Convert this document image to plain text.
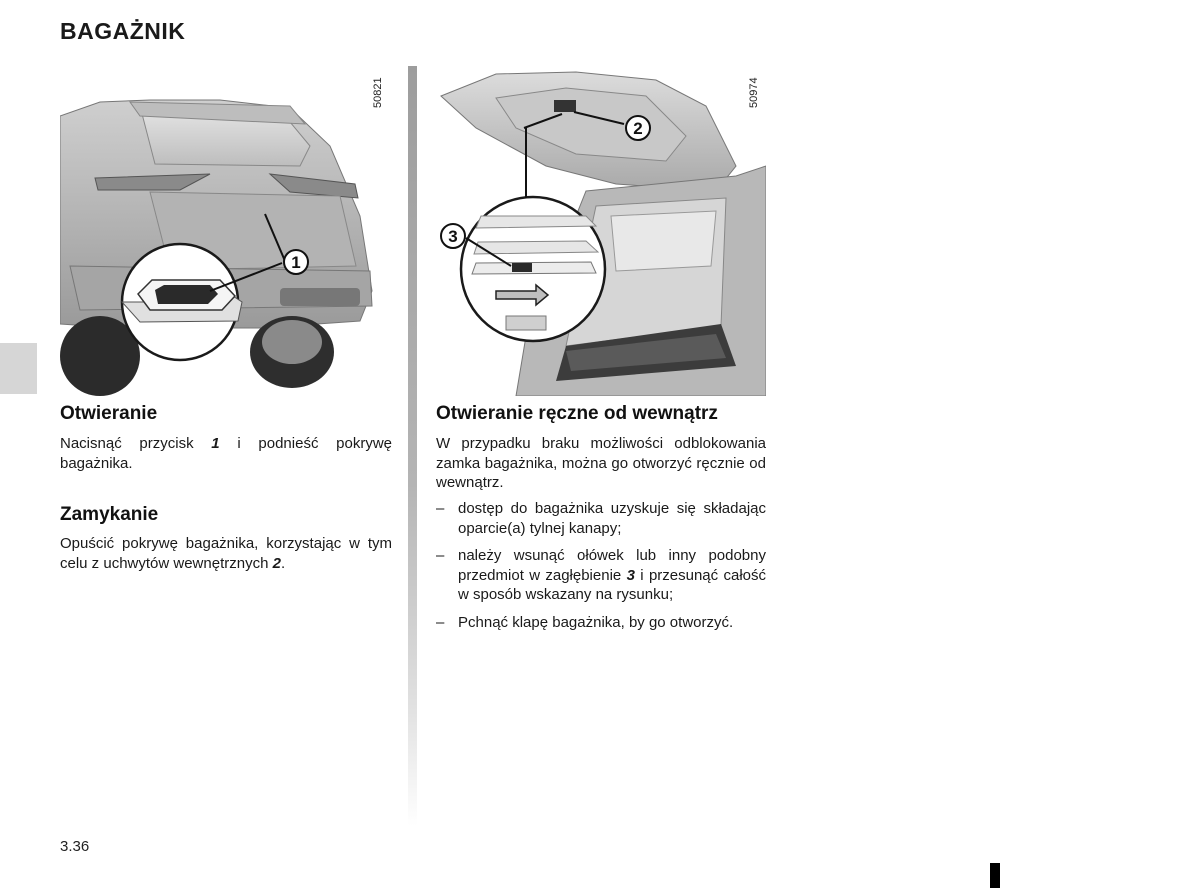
BAGAŻNIK
1
50821
2
3
50974
Otwieranie

Nacisnąć przycisk 1 i podnieść pokrywę bagażnika.

Zamykanie

Opuścić pokrywę bagażnika, korzystając w tym celu z uchwytów wewnętrznych 2.

Otwieranie ręczne od wewnątrz

W przypadku braku możliwości odblokowania zamka bagażnika, można go otworzyć ręcznie od wewnątrz.

– dostęp do bagażnika uzyskuje się składając oparcie(a) tylnej kanapy;
– należy wsunąć ołówek lub inny podobny przedmiot w zagłębienie 3 i przesunąć całość w sposób wskazany na rysunku;
– Pchnąć klapę bagażnika, by go otworzyć.
3.36
